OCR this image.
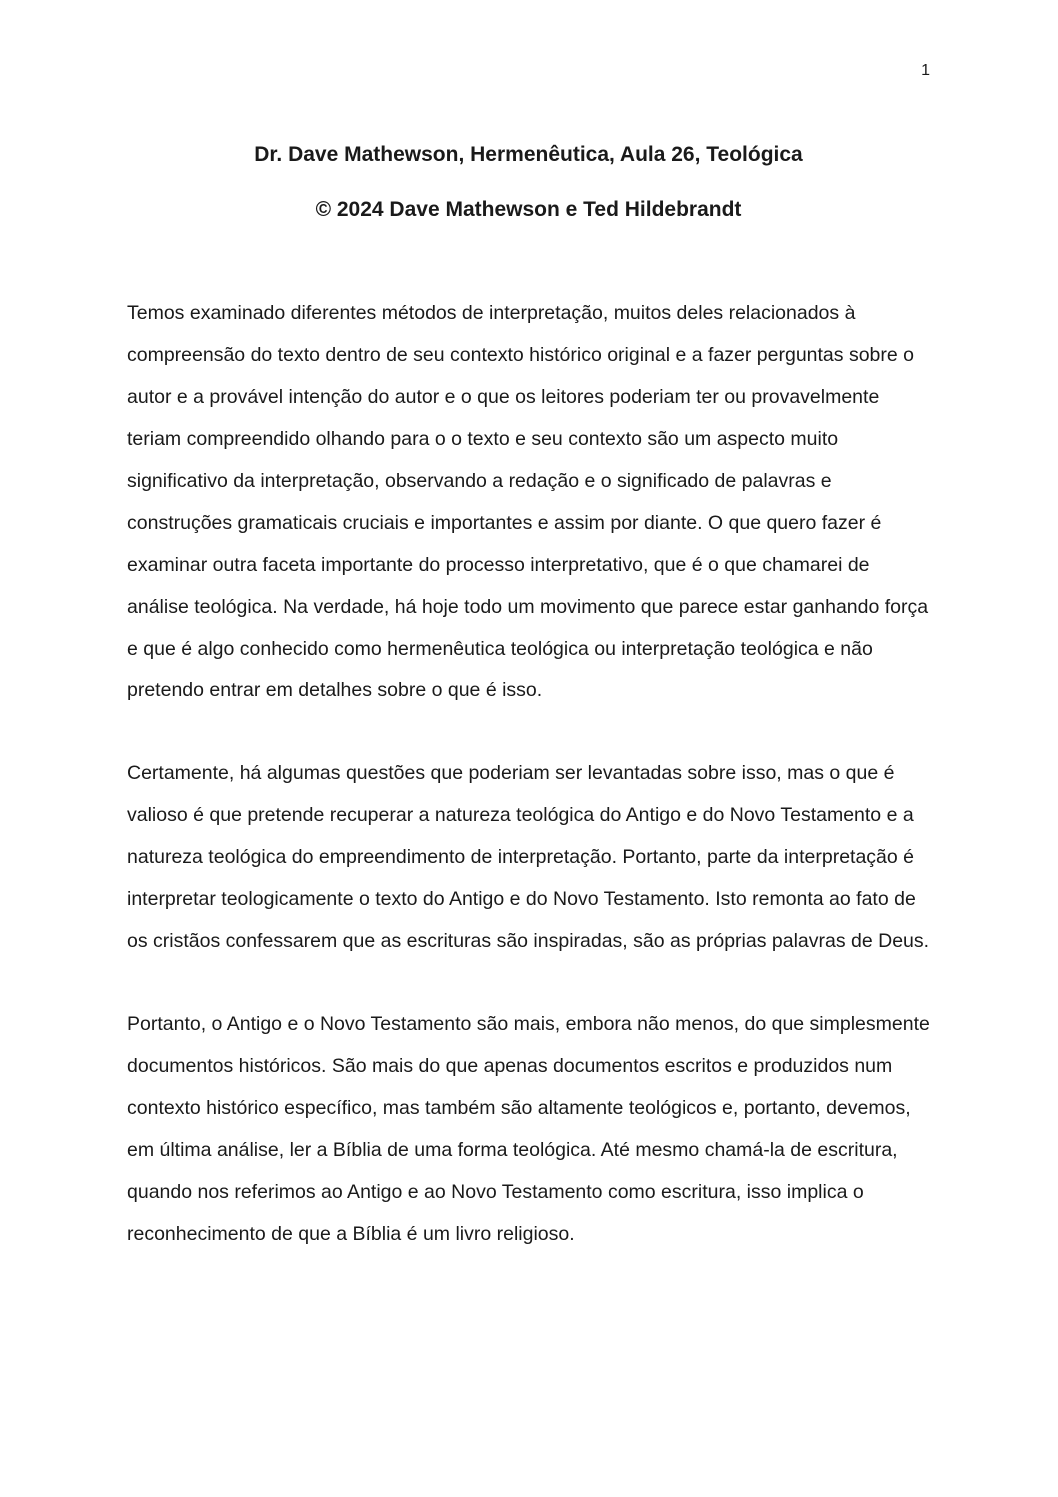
1
Dr. Dave Mathewson, Hermenêutica, Aula 26, Teológica
© 2024 Dave Mathewson e Ted Hildebrandt

Temos examinado diferentes métodos de interpretação, muitos deles relacionados à compreensão do texto dentro de seu contexto histórico original e a fazer perguntas sobre o autor e a provável intenção do autor e o que os leitores poderiam ter ou provavelmente teriam compreendido olhando para o o texto e seu contexto são um aspecto muito significativo da interpretação, observando a redação e o significado de palavras e construções gramaticais cruciais e importantes e assim por diante. O que quero fazer é examinar outra faceta importante do processo interpretativo, que é o que chamarei de análise teológica. Na verdade, há hoje todo um movimento que parece estar ganhando força e que é algo conhecido como hermenêutica teológica ou interpretação teológica e não pretendo entrar em detalhes sobre o que é isso.

Certamente, há algumas questões que poderiam ser levantadas sobre isso, mas o que é valioso é que pretende recuperar a natureza teológica do Antigo e do Novo Testamento e a natureza teológica do empreendimento de interpretação. Portanto, parte da interpretação é interpretar teologicamente o texto do Antigo e do Novo Testamento. Isto remonta ao fato de os cristãos confessarem que as escrituras são inspiradas, são as próprias palavras de Deus.

Portanto, o Antigo e o Novo Testamento são mais, embora não menos, do que simplesmente documentos históricos. São mais do que apenas documentos escritos e produzidos num contexto histórico específico, mas também são altamente teológicos e, portanto, devemos, em última análise, ler a Bíblia de uma forma teológica. Até mesmo chamá-la de escritura, quando nos referimos ao Antigo e ao Novo Testamento como escritura, isso implica o reconhecimento de que a Bíblia é um livro religioso.
